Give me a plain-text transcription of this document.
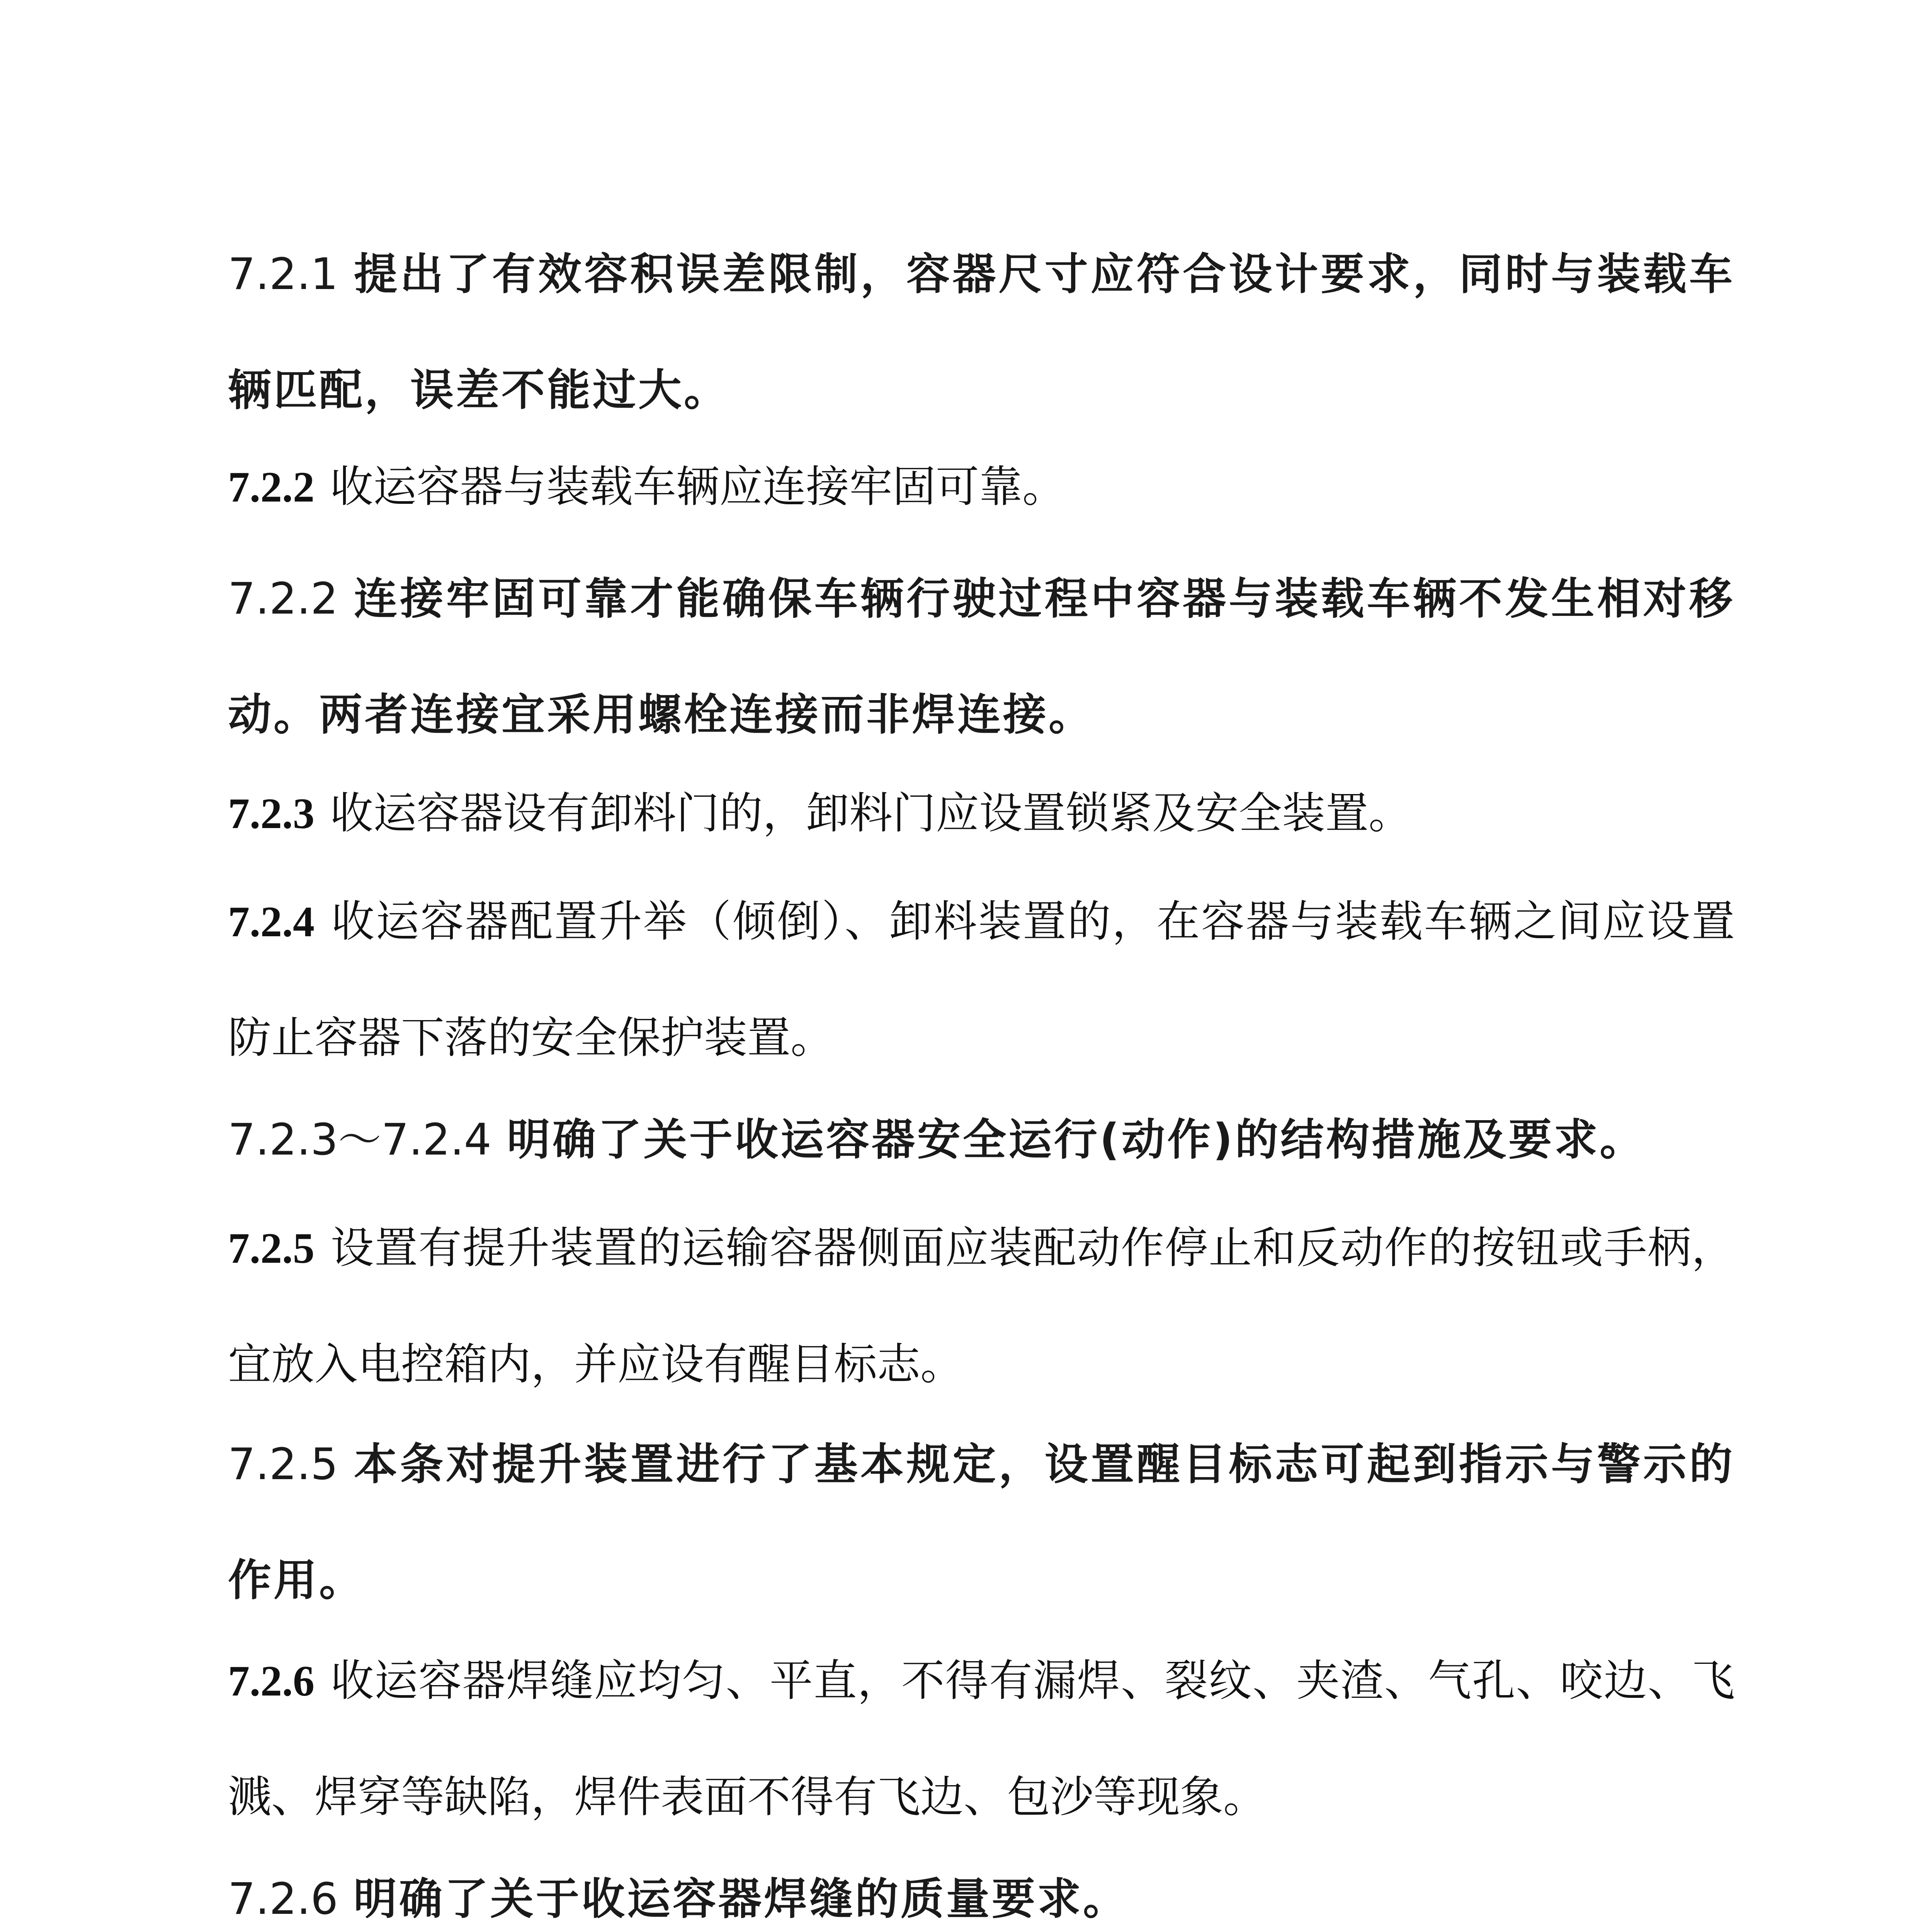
7.2.1 提出了有效容积误差限制，容器尺寸应符合设计要求，同时与装载车辆匹配，误差不能过大。

7.2.2 收运容器与装载车辆应连接牢固可靠。

7.2.2 连接牢固可靠才能确保车辆行驶过程中容器与装载车辆不发生相对移动。两者连接宜采用螺栓连接而非焊连接。

7.2.3 收运容器设有卸料门的，卸料门应设置锁紧及安全装置。

7.2.4 收运容器配置升举（倾倒）、卸料装置的，在容器与装载车辆之间应设置防止容器下落的安全保护装置。

7.2.3～7.2.4 明确了关于收运容器安全运行(动作)的结构措施及要求。

7.2.5 设置有提升装置的运输容器侧面应装配动作停止和反动作的按钮或手柄，宜放入电控箱内，并应设有醒目标志。

7.2.5 本条对提升装置进行了基本规定，设置醒目标志可起到指示与警示的作用。

7.2.6 收运容器焊缝应均匀、平直，不得有漏焊、裂纹、夹渣、气孔、咬边、飞溅、焊穿等缺陷，焊件表面不得有飞边、包沙等现象。

7.2.6 明确了关于收运容器焊缝的质量要求。
